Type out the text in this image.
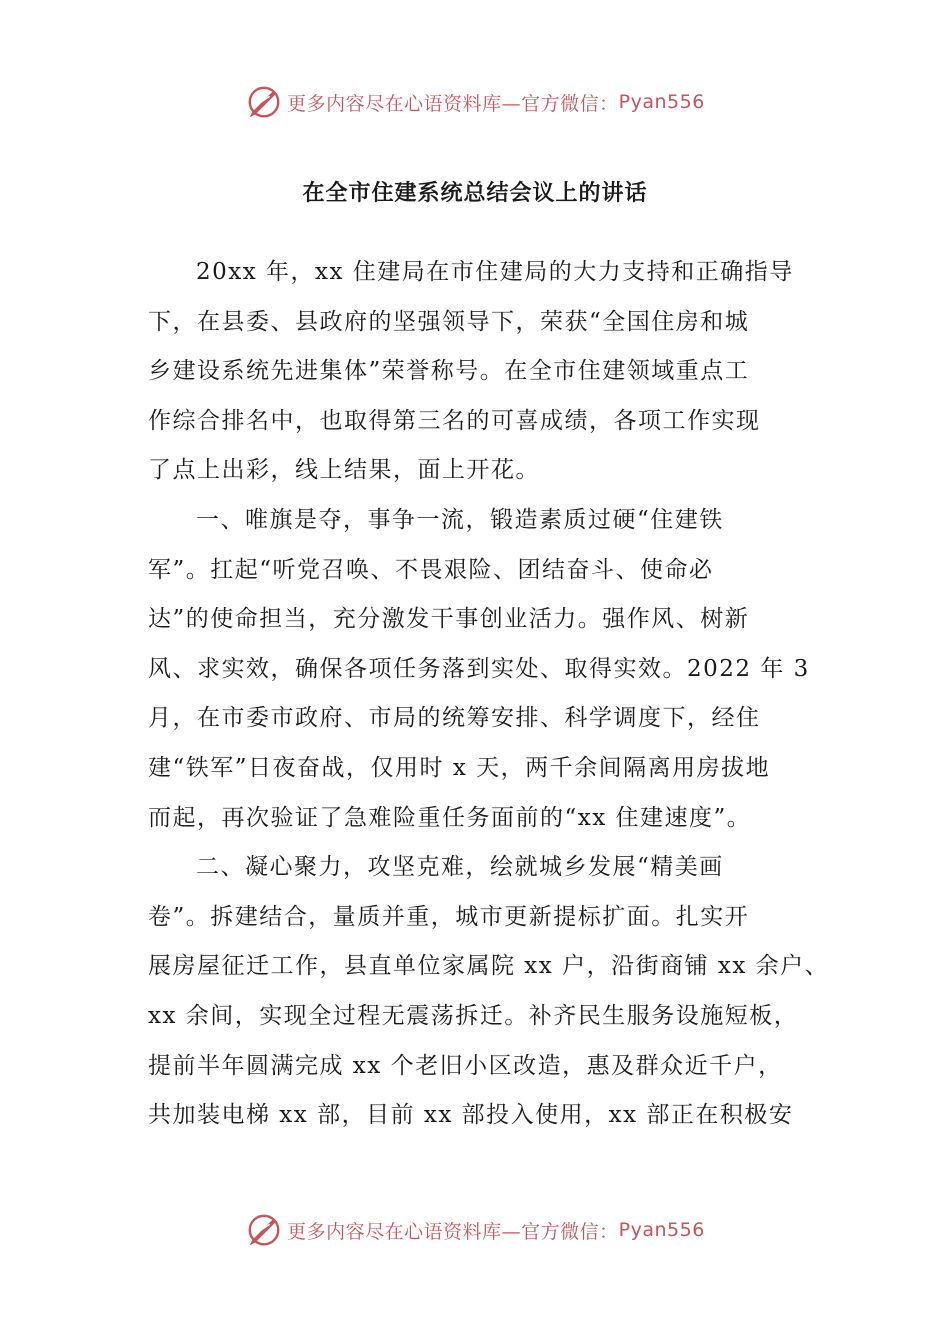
更多内容尽在心语资料库—官方微信： Pyan556
在全市住建系统总结会议上的讲话

20xx 年，xx 住建局在市住建局的大力支持和正确指导
下，在县委、县政府的坚强领导下，荣获“全国住房和城
乡建设系统先进集体”荣誉称号。在全市住建领域重点工
作综合排名中，也取得第三名的可喜成绩，各项工作实现
了点上出彩，线上结果，面上开花。

一、唯旗是夺，事争一流，锻造素质过硬“住建铁
军”。扛起“听党召唤、不畏艰险、团结奋斗、使命必
达”的使命担当，充分激发干事创业活力。强作风、树新
风、求实效，确保各项任务落到实处、取得实效。2022 年 3
月，在市委市政府、市局的统筹安排、科学调度下，经住
建“铁军”日夜奋战，仅用时 x 天，两千余间隔离用房拔地
而起，再次验证了急难险重任务面前的“xx 住建速度”。

二、凝心聚力，攻坚克难，绘就城乡发展“精美画
卷”。拆建结合，量质并重，城市更新提标扩面。扎实开
展房屋征迁工作，县直单位家属院 xx 户，沿街商铺 xx 余户、
xx 余间，实现全过程无震荡拆迁。补齐民生服务设施短板，
提前半年圆满完成 xx 个老旧小区改造，惠及群众近千户，
共加装电梯 xx 部，目前 xx 部投入使用，xx 部正在积极安

更多内容尽在心语资料库—官方微信： Pyan556
